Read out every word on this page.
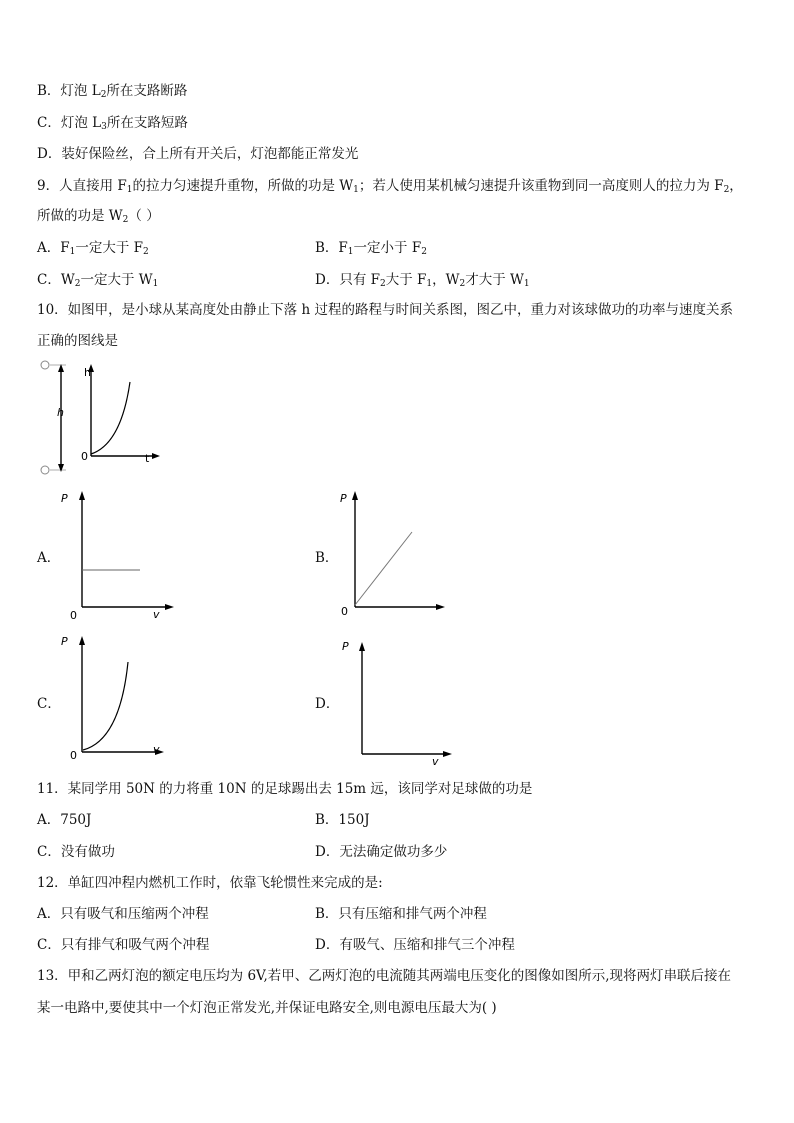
B．灯泡 $L_2$所在支路断路
C．灯泡 $L_3$所在支路短路
D．装好保险丝，合上所有开关后，灯泡都能正常发光
9．人直接用 $F_1$的拉力匀速提升重物，所做的功是 $W_1$；若人使用某机械匀速提升该重物到同一高度则人的拉力为 $F_2$，
所做的功是 $W_2$（ ）
A．$F_1$一定大于 $F_2$	B．$F_1$一定小于 $F_2$
C．$W_2$一定大于 $W_1$	D．只有 $F_2$大于 $F_1$，$W_2$才大于 $W_1$
10．如图甲，是小球从某高度处由静止下落 h 过程的路程与时间关系图，图乙中，重力对该球做功的功率与速度关系
正确的图线是
h
h
t
0
A．
P
v
0
B．
P
0
C．
P
v
0
D．
P
v
11．某同学用 50N 的力将重 10N 的足球踢出去 15m 远，该同学对足球做的功是
A．750J	B．150J
C．没有做功	D．无法确定做功多少
12．单缸四冲程内燃机工作时，依靠飞轮惯性来完成的是:
A．只有吸气和压缩两个冲程	B．只有压缩和排气两个冲程
C．只有排气和吸气两个冲程	D．有吸气、压缩和排气三个冲程
13．甲和乙两灯泡的额定电压均为 6V,若甲、乙两灯泡的电流随其两端电压变化的图像如图所示,现将两灯串联后接在
某一电路中,要使其中一个灯泡正常发光,并保证电路安全,则电源电压最大为( )
